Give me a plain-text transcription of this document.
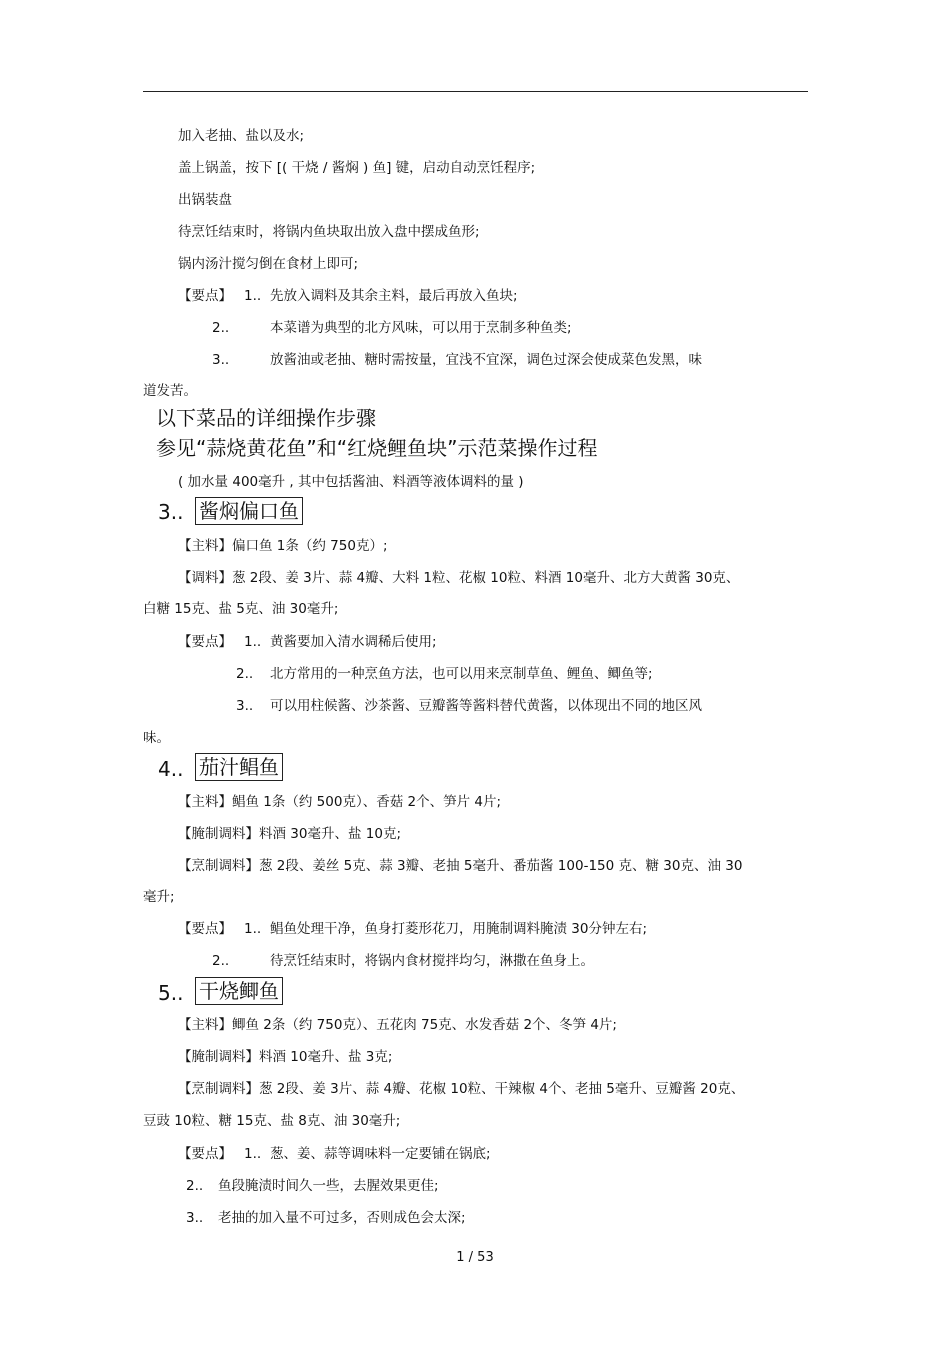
加入老抽、盐以及水;
盖上锅盖，按下 [( 干烧 / 酱焖 ) 鱼] 键，启动自动烹饪程序;
出锅装盘
待烹饪结束时，将锅内鱼块取出放入盘中摆成鱼形;
锅内汤汁搅匀倒在食材上即可;
【要点】 1.. 先放入调料及其余主料，最后再放入鱼块;
2..	本菜谱为典型的北方风味，可以用于烹制多种鱼类;
3..	放酱油或老抽、糖时需按量，宜浅不宜深，调色过深会使成菜色发黑，味
道发苦。
以下菜品的详细操作步骤
参见“蒜烧黄花鱼”和“红烧鲤鱼块”示范菜操作过程
( 加水量 400毫升 , 其中包括酱油、料酒等液体调料的量 )
3.. 酱焖偏口鱼
【主料】偏口鱼 1条（约 750克）;
【调料】葱 2段、姜 3片、蒜 4瓣、大料 1粒、花椒 10粒、料酒 10毫升、北方大黄酱 30克、
白糖 15克、盐 5克、油 30毫升;
【要点】 1.. 黄酱要加入清水调稀后使用;
2.. 北方常用的一种烹鱼方法，也可以用来烹制草鱼、鲤鱼、鲫鱼等;
3.. 可以用柱候酱、沙茶酱、豆瓣酱等酱料替代黄酱，以体现出不同的地区风
味。
4.. 茄汁鲳鱼
【主料】鲳鱼 1条（约 500克）、香菇 2个、笋片 4片;
【腌制调料】料酒 30毫升、盐 10克;
【烹制调料】葱 2段、姜丝 5克、蒜 3瓣、老抽 5毫升、番茄酱 100-150 克、糖 30克、油 30
毫升;
【要点】 1.. 鲳鱼处理干净，鱼身打菱形花刀，用腌制调料腌渍 30分钟左右;
2..	待烹饪结束时，将锅内食材搅拌均匀，淋撒在鱼身上。
5.. 干烧鲫鱼
【主料】鲫鱼 2条（约 750克）、五花肉 75克、水发香菇 2个、冬笋 4片;
【腌制调料】料酒 10毫升、盐 3克;
【烹制调料】葱 2段、姜 3片、蒜 4瓣、花椒 10粒、干辣椒 4个、老抽 5毫升、豆瓣酱 20克、
豆豉 10粒、糖 15克、盐 8克、油 30毫升;
【要点】 1.. 葱、姜、蒜等调味料一定要铺在锅底;
2.. 鱼段腌渍时间久一些，去腥效果更佳;
3.. 老抽的加入量不可过多，否则成色会太深;
1 / 53
